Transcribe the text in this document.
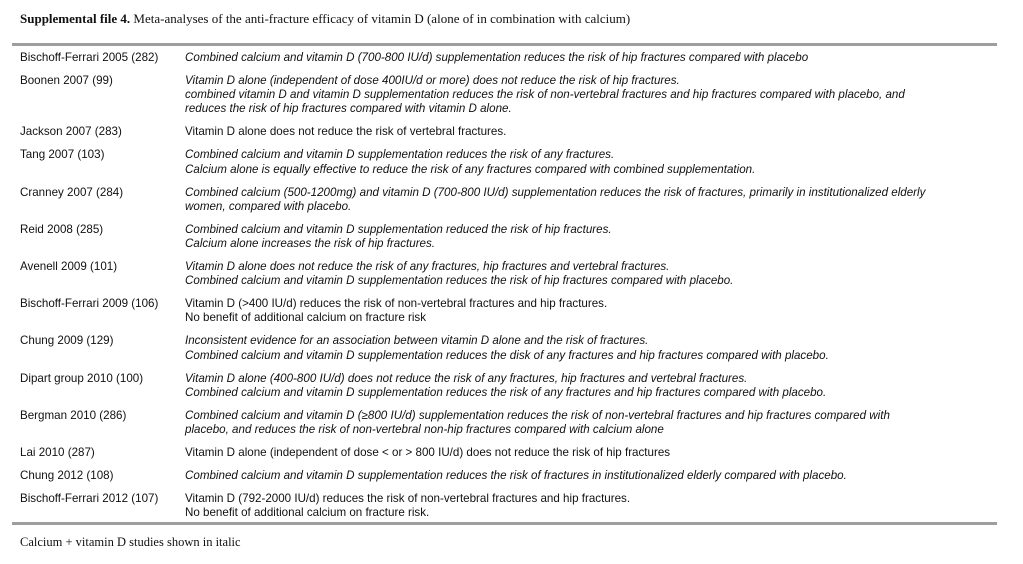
Supplemental file 4. Meta-analyses of the anti-fracture efficacy of vitamin D (alone of in combination with calcium)
Bischoff-Ferrari 2005 (282)	Combined calcium and vitamin D (700-800 IU/d) supplementation reduces the risk of hip fractures compared with placebo
Boonen 2007 (99)	Vitamin D alone (independent of dose 400IU/d or more) does not reduce the risk of hip fractures.
combined vitamin D and vitamin D supplementation reduces the risk of non-vertebral fractures and hip fractures compared with placebo, and
reduces the risk of hip fractures compared with vitamin D alone.
Jackson 2007 (283)	Vitamin D alone does not reduce the risk of vertebral fractures.
Tang 2007 (103)	Combined calcium and vitamin D supplementation reduces the risk of any fractures.
Calcium alone is equally effective to reduce the risk of any fractures compared with combined supplementation.
Cranney 2007 (284)	Combined calcium (500-1200mg) and vitamin D (700-800 IU/d) supplementation reduces the risk of fractures, primarily in institutionalized elderly
women, compared with placebo.
Reid 2008 (285)	Combined calcium and vitamin D supplementation reduced the risk of hip fractures.
Calcium alone increases the risk of hip fractures.
Avenell 2009 (101)	Vitamin D alone does not reduce the risk of any fractures, hip fractures and vertebral fractures.
Combined calcium and vitamin D supplementation reduces the risk of hip fractures compared with placebo.
Bischoff-Ferrari 2009 (106)	Vitamin D (>400 IU/d) reduces the risk of non-vertebral fractures and hip fractures.
No benefit of additional calcium on fracture risk
Chung 2009 (129)	Inconsistent evidence for an association between vitamin D alone and the risk of fractures.
Combined calcium and vitamin D supplementation reduces the disk of any fractures and hip fractures compared with placebo.
Dipart group 2010 (100)	Vitamin D alone (400-800 IU/d) does not reduce the risk of any fractures, hip fractures and vertebral fractures.
Combined calcium and vitamin D supplementation reduces the risk of any fractures and hip fractures compared with placebo.
Bergman 2010 (286)	Combined calcium and vitamin D (≥800 IU/d) supplementation reduces the risk of non-vertebral fractures and hip fractures compared with
placebo, and reduces the risk of non-vertebral non-hip fractures compared with calcium alone
Lai 2010 (287)	Vitamin D alone (independent of dose < or > 800 IU/d) does not reduce the risk of hip fractures
Chung 2012 (108)	Combined calcium and vitamin D supplementation reduces the risk of fractures in institutionalized elderly compared with placebo.
Bischoff-Ferrari 2012 (107)	Vitamin D (792-2000 IU/d) reduces the risk of non-vertebral fractures and hip fractures.
No benefit of additional calcium on fracture risk.
Calcium + vitamin D studies shown in italic
